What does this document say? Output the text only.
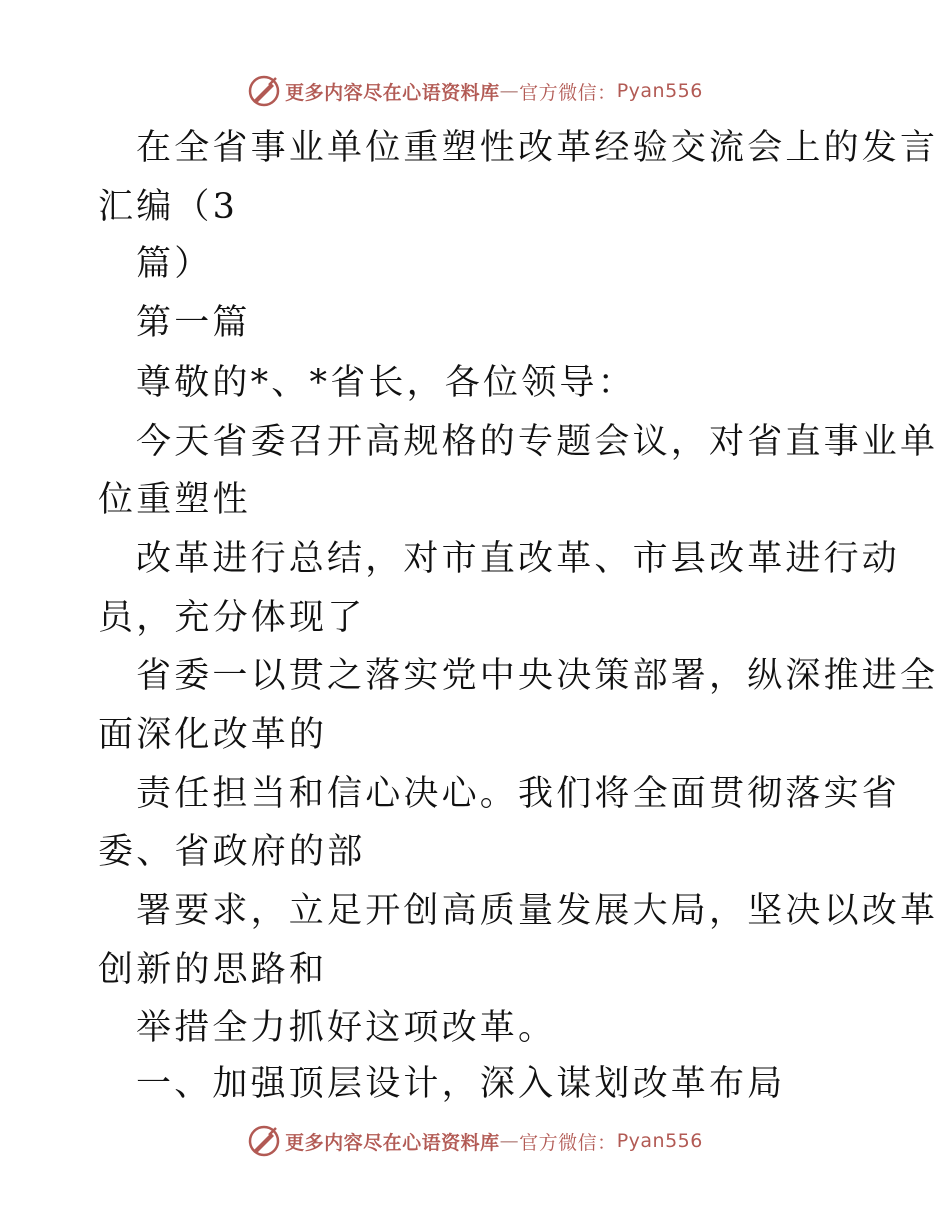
更多内容尽在心语资料库 — 官方微信： Pyan556
在全省事业单位重塑性改革经验交流会上的发言
汇编（3
篇）
第一篇
尊敬的*、*省长，各位领导：
今天省委召开高规格的专题会议，对省直事业单
位重塑性
改革进行总结，对市直改革、市县改革进行动
员，充分体现了
省委一以贯之落实党中央决策部署，纵深推进全
面深化改革的
责任担当和信心决心。我们将全面贯彻落实省
委、省政府的部
署要求，立足开创高质量发展大局，坚决以改革
创新的思路和
举措全力抓好这项改革。
一、加强顶层设计，深入谋划改革布局
更多内容尽在心语资料库 — 官方微信： Pyan556
